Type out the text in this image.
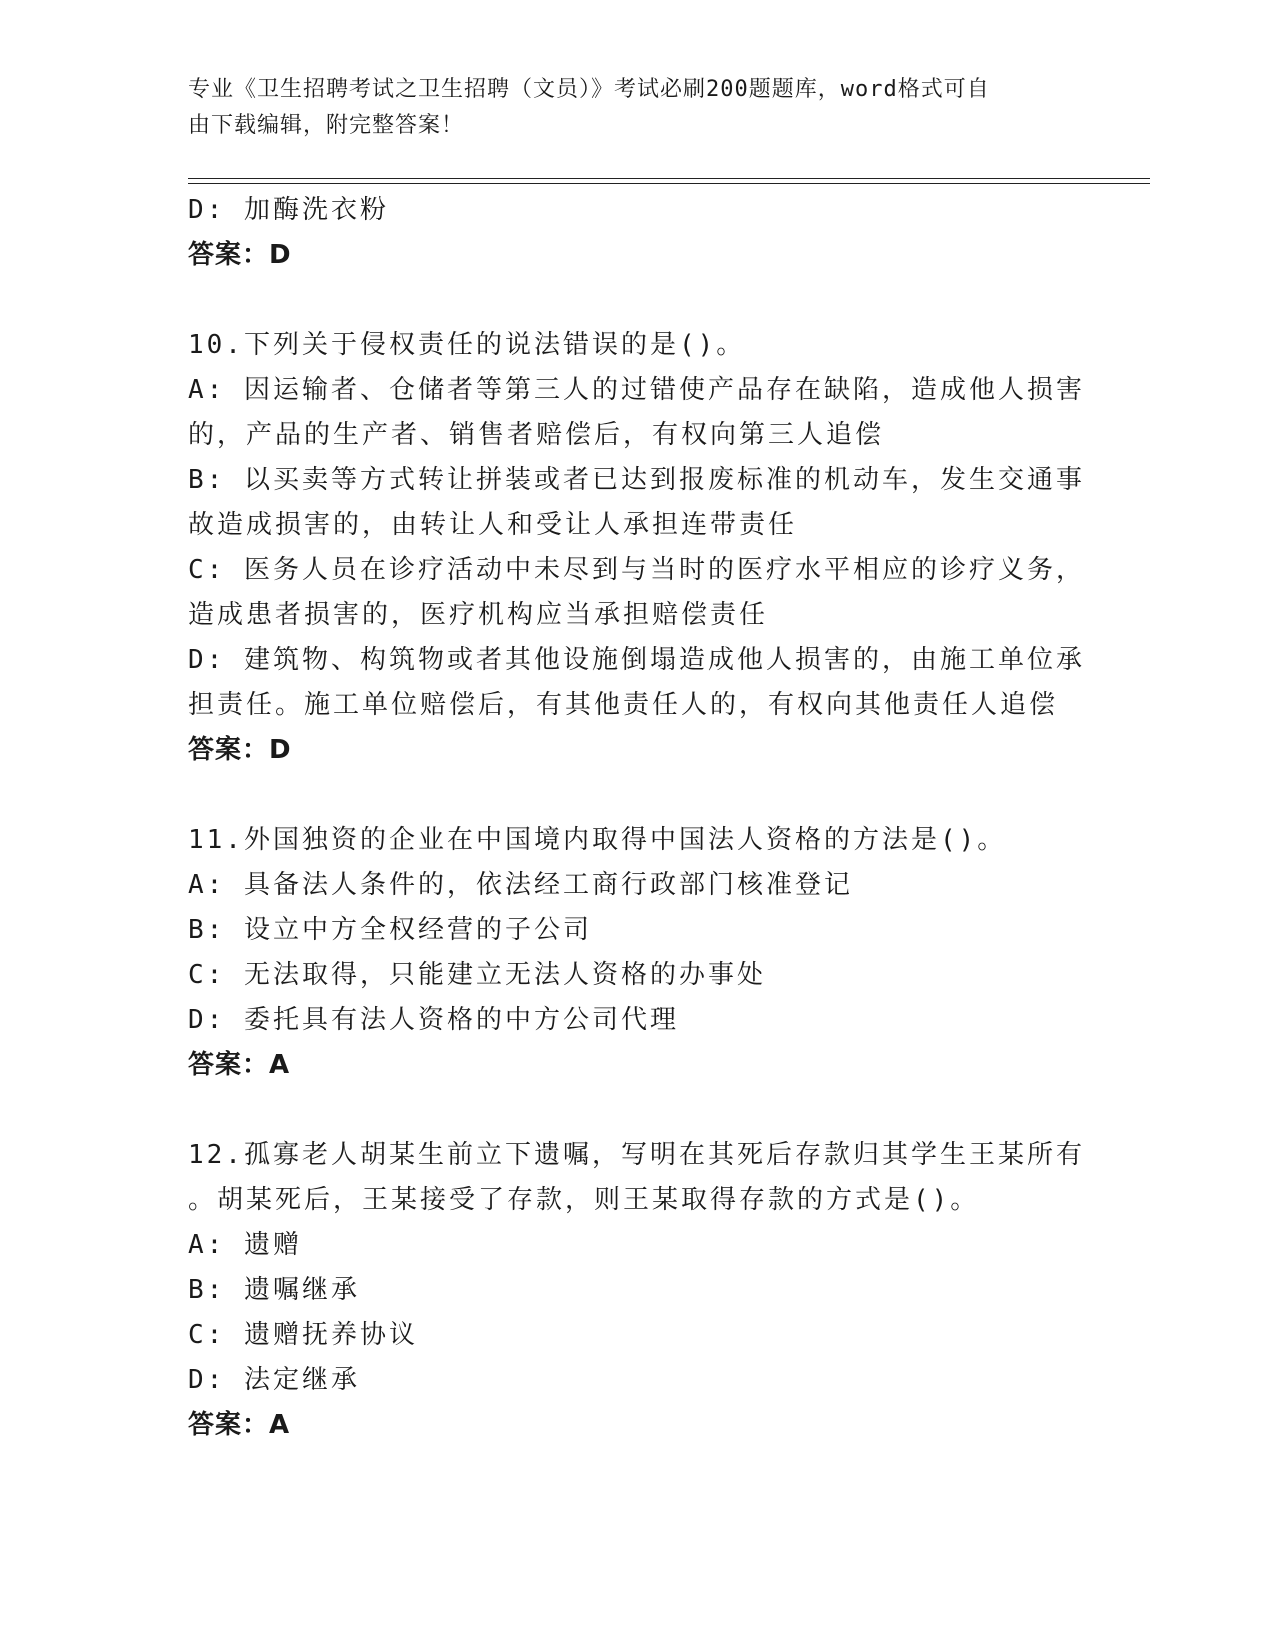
专业《卫生招聘考试之卫生招聘（文员）》考试必刷200题题库，word格式可自
由下载编辑，附完整答案！
D: 加酶洗衣粉
答案：D
10.下列关于侵权责任的说法错误的是()。
A: 因运输者、仓储者等第三人的过错使产品存在缺陷，造成他人损害
的，产品的生产者、销售者赔偿后，有权向第三人追偿
B: 以买卖等方式转让拼装或者已达到报废标准的机动车，发生交通事
故造成损害的，由转让人和受让人承担连带责任
C: 医务人员在诊疗活动中未尽到与当时的医疗水平相应的诊疗义务，
造成患者损害的，医疗机构应当承担赔偿责任
D: 建筑物、构筑物或者其他设施倒塌造成他人损害的，由施工单位承
担责任。施工单位赔偿后，有其他责任人的，有权向其他责任人追偿
答案：D
11.外国独资的企业在中国境内取得中国法人资格的方法是()。
A: 具备法人条件的，依法经工商行政部门核准登记
B: 设立中方全权经营的子公司
C: 无法取得，只能建立无法人资格的办事处
D: 委托具有法人资格的中方公司代理
答案：A
12.孤寡老人胡某生前立下遗嘱，写明在其死后存款归其学生王某所有
。胡某死后，王某接受了存款，则王某取得存款的方式是()。
A: 遗赠
B: 遗嘱继承
C: 遗赠抚养协议
D: 法定继承
答案：A
